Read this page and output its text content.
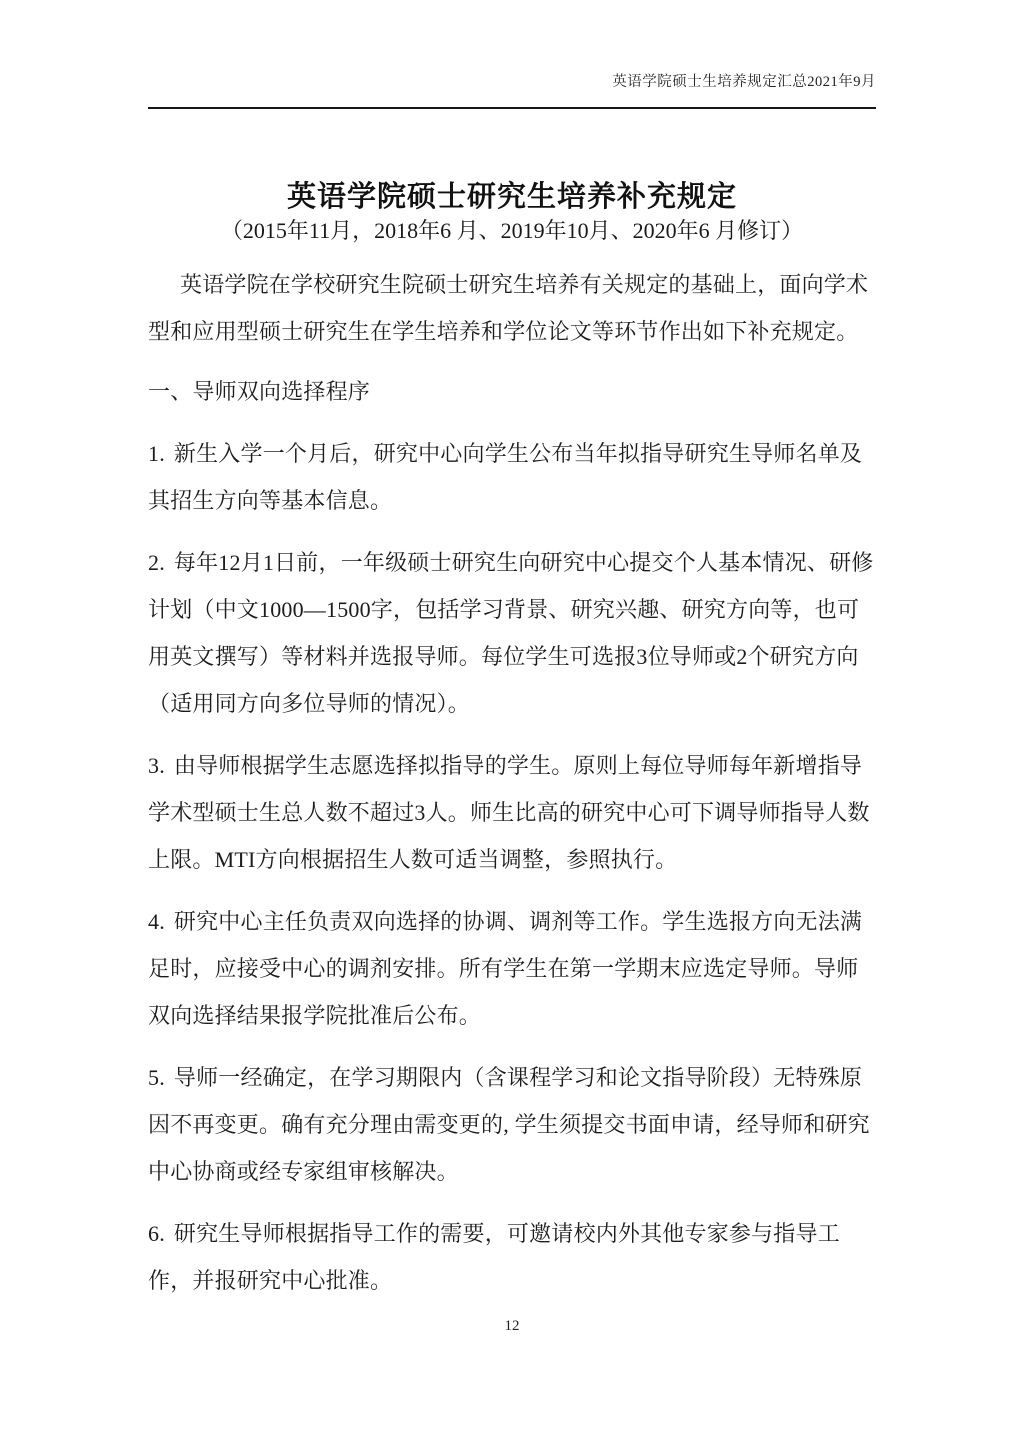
英语学院硕士生培养规定汇总2021年9月
英语学院硕士研究生培养补充规定
（2015年11月，2018年6 月、2019年10月、2020年6 月修订）

英语学院在学校研究生院硕士研究生培养有关规定的基础上，面向学术型和应用型硕士研究生在学生培养和学位论文等环节作出如下补充规定。

一、导师双向选择程序

1. 新生入学一个月后，研究中心向学生公布当年拟指导研究生导师名单及其招生方向等基本信息。

2. 每年12月1日前，一年级硕士研究生向研究中心提交个人基本情况、研修计划（中文1000—1500字，包括学习背景、研究兴趣、研究方向等，也可用英文撰写）等材料并选报导师。每位学生可选报3位导师或2个研究方向（适用同方向多位导师的情况）。

3. 由导师根据学生志愿选择拟指导的学生。原则上每位导师每年新增指导学术型硕士生总人数不超过3人。师生比高的研究中心可下调导师指导人数上限。MTI方向根据招生人数可适当调整，参照执行。

4. 研究中心主任负责双向选择的协调、调剂等工作。学生选报方向无法满足时，应接受中心的调剂安排。所有学生在第一学期末应选定导师。导师双向选择结果报学院批准后公布。

5. 导师一经确定，在学习期限内（含课程学习和论文指导阶段）无特殊原因不再变更。确有充分理由需变更的, 学生须提交书面申请，经导师和研究中心协商或经专家组审核解决。

6. 研究生导师根据指导工作的需要，可邀请校内外其他专家参与指导工作，并报研究中心批准。

12
